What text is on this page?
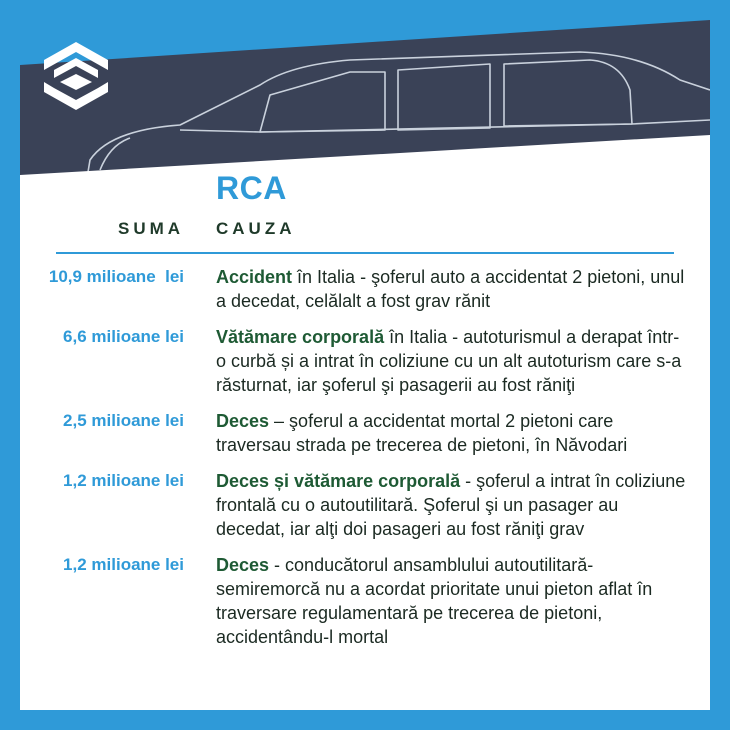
RCA
SUMA CAUZA
10,9 milioane  lei Accident în Italia - şoferul auto a accidentat 2 pietoni, unul a decedat, celălalt a fost grav rănit
6,6 milioane lei Vătămare corporală în Italia - autoturismul a derapat într-o curbă și a intrat în coliziune cu un alt autoturism care s-a răsturnat, iar şoferul şi pasagerii au fost răniţi
2,5 milioane lei Deces – şoferul a accidentat mortal 2 pietoni care traversau strada pe trecerea de pietoni, în Năvodari
1,2 milioane lei Deces și vătămare corporală - şoferul a intrat în coliziune frontală cu o autoutilitară. Şoferul şi un pasager au decedat, iar alţi doi pasageri au fost răniţi grav
1,2 milioane lei Deces - conducătorul ansamblului autoutilitară-semiremorcă nu a acordat prioritate unui pieton aflat în traversare regulamentară pe trecerea de pietoni, accidentându-l mortal
